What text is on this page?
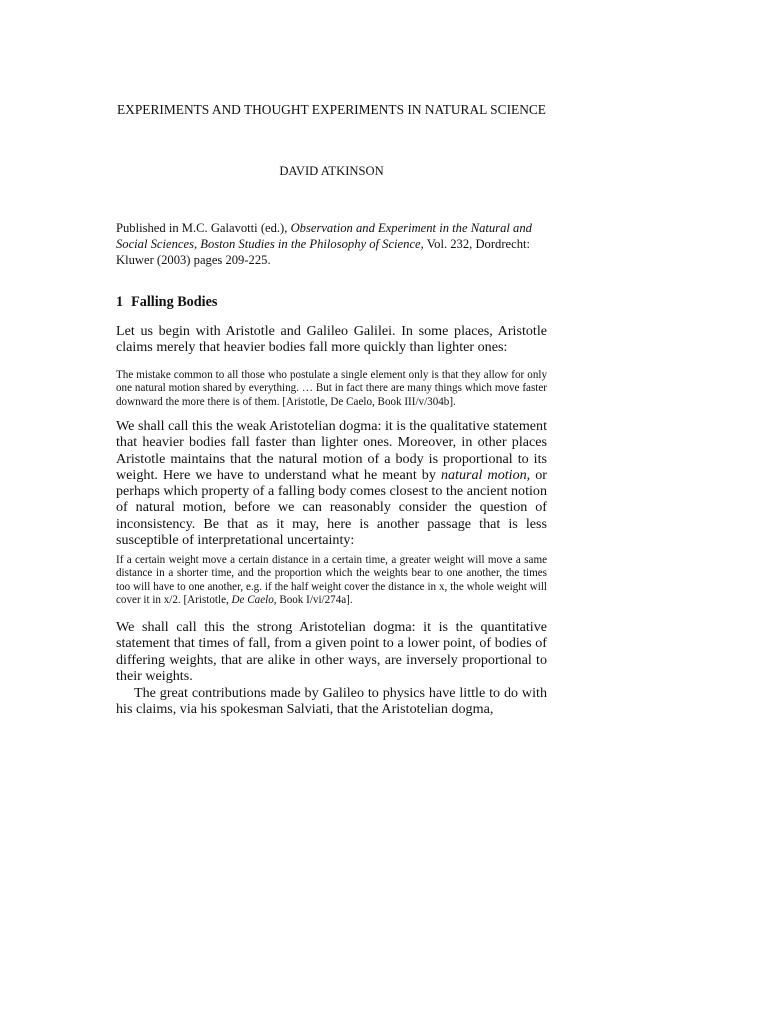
EXPERIMENTS AND THOUGHT EXPERIMENTS IN NATURAL SCIENCE
DAVID ATKINSON
Published in M.C. Galavotti (ed.), Observation and Experiment in the Natural and Social Sciences, Boston Studies in the Philosophy of Science, Vol. 232, Dordrecht: Kluwer (2003) pages 209-225.
1 Falling Bodies
Let us begin with Aristotle and Galileo Galilei. In some places, Aristotle claims merely that heavier bodies fall more quickly than lighter ones:
The mistake common to all those who postulate a single element only is that they allow for only one natural motion shared by everything. … But in fact there are many things which move faster downward the more there is of them. [Aristotle, De Caelo, Book III/v/304b].
We shall call this the weak Aristotelian dogma: it is the qualitative statement that heavier bodies fall faster than lighter ones. Moreover, in other places Aristotle maintains that the natural motion of a body is proportional to its weight. Here we have to understand what he meant by natural motion, or perhaps which property of a falling body comes closest to the ancient notion of natural motion, before we can reasonably consider the question of inconsistency. Be that as it may, here is another passage that is less susceptible of interpretational uncertainty:
If a certain weight move a certain distance in a certain time, a greater weight will move a same distance in a shorter time, and the proportion which the weights bear to one another, the times too will have to one another, e.g. if the half weight cover the distance in x, the whole weight will cover it in x/2. [Aristotle, De Caelo, Book I/vi/274a].
We shall call this the strong Aristotelian dogma: it is the quantitative statement that times of fall, from a given point to a lower point, of bodies of differing weights, that are alike in other ways, are inversely proportional to their weights.
The great contributions made by Galileo to physics have little to do with his claims, via his spokesman Salviati, that the Aristotelian dogma,
